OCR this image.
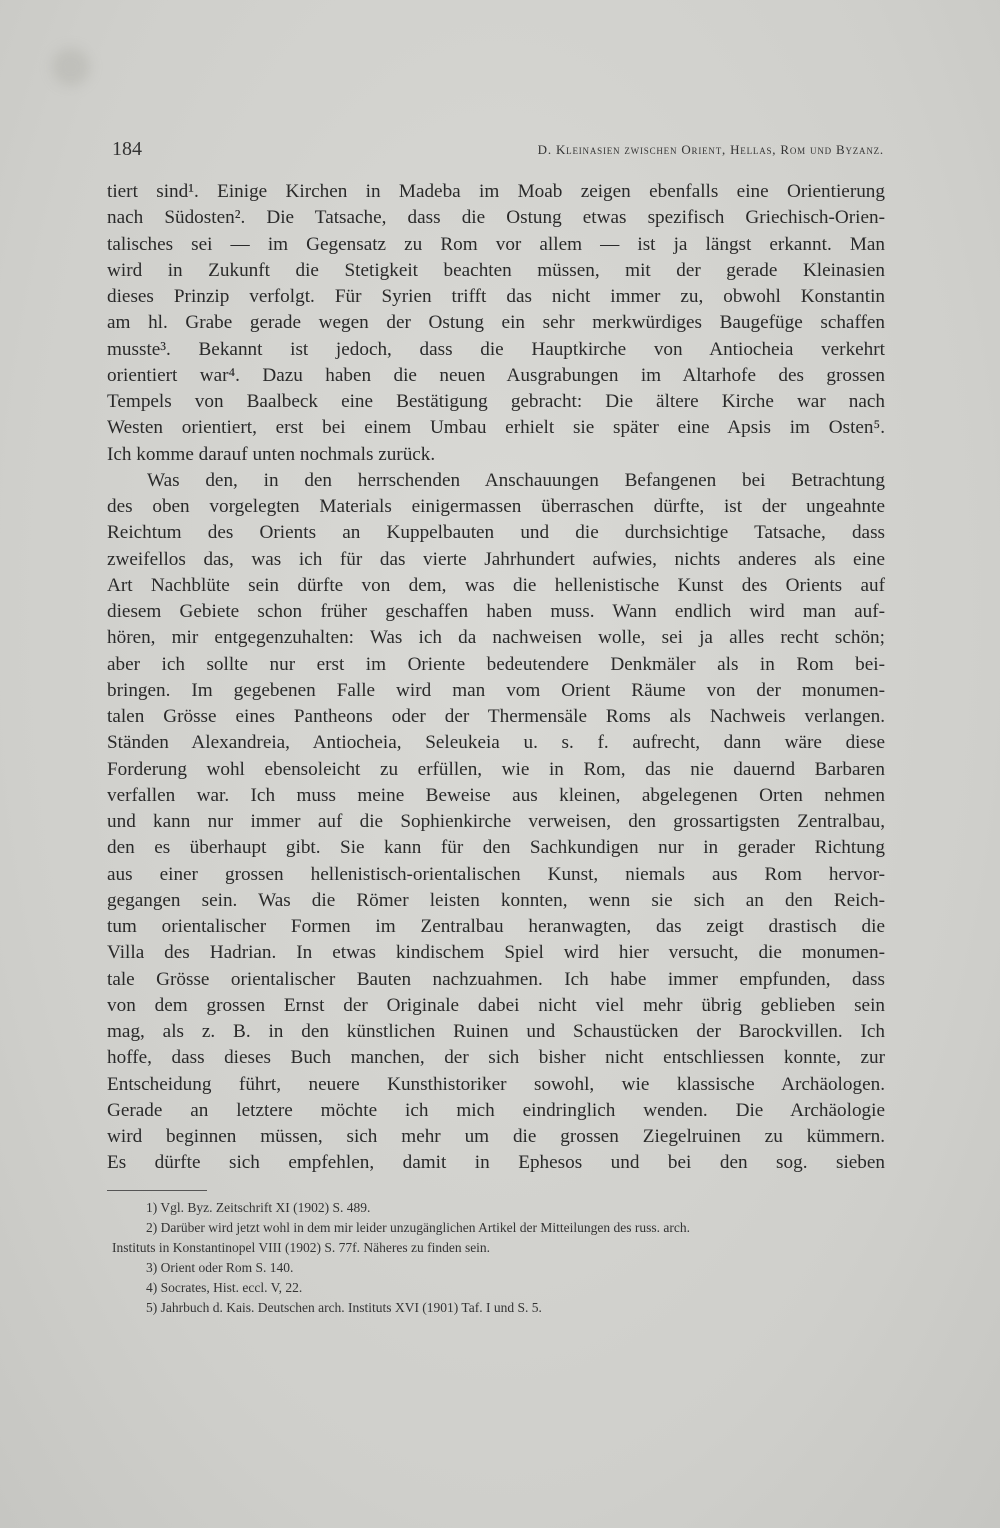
184	D. Kleinasien zwischen Orient, Hellas, Rom und Byzanz.
tiert sind¹. Einige Kirchen in Madeba im Moab zeigen ebenfalls eine Orientierung
nach Südosten². Die Tatsache, dass die Ostung etwas spezifisch Griechisch-Orien-
talisches sei — im Gegensatz zu Rom vor allem — ist ja längst erkannt. Man
wird in Zukunft die Stetigkeit beachten müssen, mit der gerade Kleinasien
dieses Prinzip verfolgt. Für Syrien trifft das nicht immer zu, obwohl Konstantin
am hl. Grabe gerade wegen der Ostung ein sehr merkwürdiges Baugefüge schaffen
musste³. Bekannt ist jedoch, dass die Hauptkirche von Antiocheia verkehrt
orientiert war⁴. Dazu haben die neuen Ausgrabungen im Altarhofe des grossen
Tempels von Baalbeck eine Bestätigung gebracht: Die ältere Kirche war nach
Westen orientiert, erst bei einem Umbau erhielt sie später eine Apsis im Osten⁵.
Ich komme darauf unten nochmals zurück.
Was den, in den herrschenden Anschauungen Befangenen bei Betrachtung
des oben vorgelegten Materials einigermassen überraschen dürfte, ist der ungeahnte
Reichtum des Orients an Kuppelbauten und die durchsichtige Tatsache, dass
zweifellos das, was ich für das vierte Jahrhundert aufwies, nichts anderes als eine
Art Nachblüte sein dürfte von dem, was die hellenistische Kunst des Orients auf
diesem Gebiete schon früher geschaffen haben muss. Wann endlich wird man auf-
hören, mir entgegenzuhalten: Was ich da nachweisen wolle, sei ja alles recht schön;
aber ich sollte nur erst im Oriente bedeutendere Denkmäler als in Rom bei-
bringen. Im gegebenen Falle wird man vom Orient Räume von der monumen-
talen Grösse eines Pantheons oder der Thermensäle Roms als Nachweis verlangen.
Ständen Alexandreia, Antiocheia, Seleukeia u. s. f. aufrecht, dann wäre diese
Forderung wohl ebensoleicht zu erfüllen, wie in Rom, das nie dauernd Barbaren
verfallen war. Ich muss meine Beweise aus kleinen, abgelegenen Orten nehmen
und kann nur immer auf die Sophienkirche verweisen, den grossartigsten Zentralbau,
den es überhaupt gibt. Sie kann für den Sachkundigen nur in gerader Richtung
aus einer grossen hellenistisch-orientalischen Kunst, niemals aus Rom hervor-
gegangen sein. Was die Römer leisten konnten, wenn sie sich an den Reich-
tum orientalischer Formen im Zentralbau heranwagten, das zeigt drastisch die
Villa des Hadrian. In etwas kindischem Spiel wird hier versucht, die monumen-
tale Grösse orientalischer Bauten nachzuahmen. Ich habe immer empfunden, dass
von dem grossen Ernst der Originale dabei nicht viel mehr übrig geblieben sein
mag, als z. B. in den künstlichen Ruinen und Schaustücken der Barockvillen. Ich
hoffe, dass dieses Buch manchen, der sich bisher nicht entschliessen konnte, zur
Entscheidung führt, neuere Kunsthistoriker sowohl, wie klassische Archäologen.
Gerade an letztere möchte ich mich eindringlich wenden. Die Archäologie
wird beginnen müssen, sich mehr um die grossen Ziegelruinen zu kümmern.
Es dürfte sich empfehlen, damit in Ephesos und bei den sog. sieben
1) Vgl. Byz. Zeitschrift XI (1902) S. 489.
2) Darüber wird jetzt wohl in dem mir leider unzugänglichen Artikel der Mitteilungen des russ. arch.
Instituts in Konstantinopel VIII (1902) S. 77f. Näheres zu finden sein.
3) Orient oder Rom S. 140.
4) Socrates, Hist. eccl. V, 22.
5) Jahrbuch d. Kais. Deutschen arch. Instituts XVI (1901) Taf. I und S. 5.
